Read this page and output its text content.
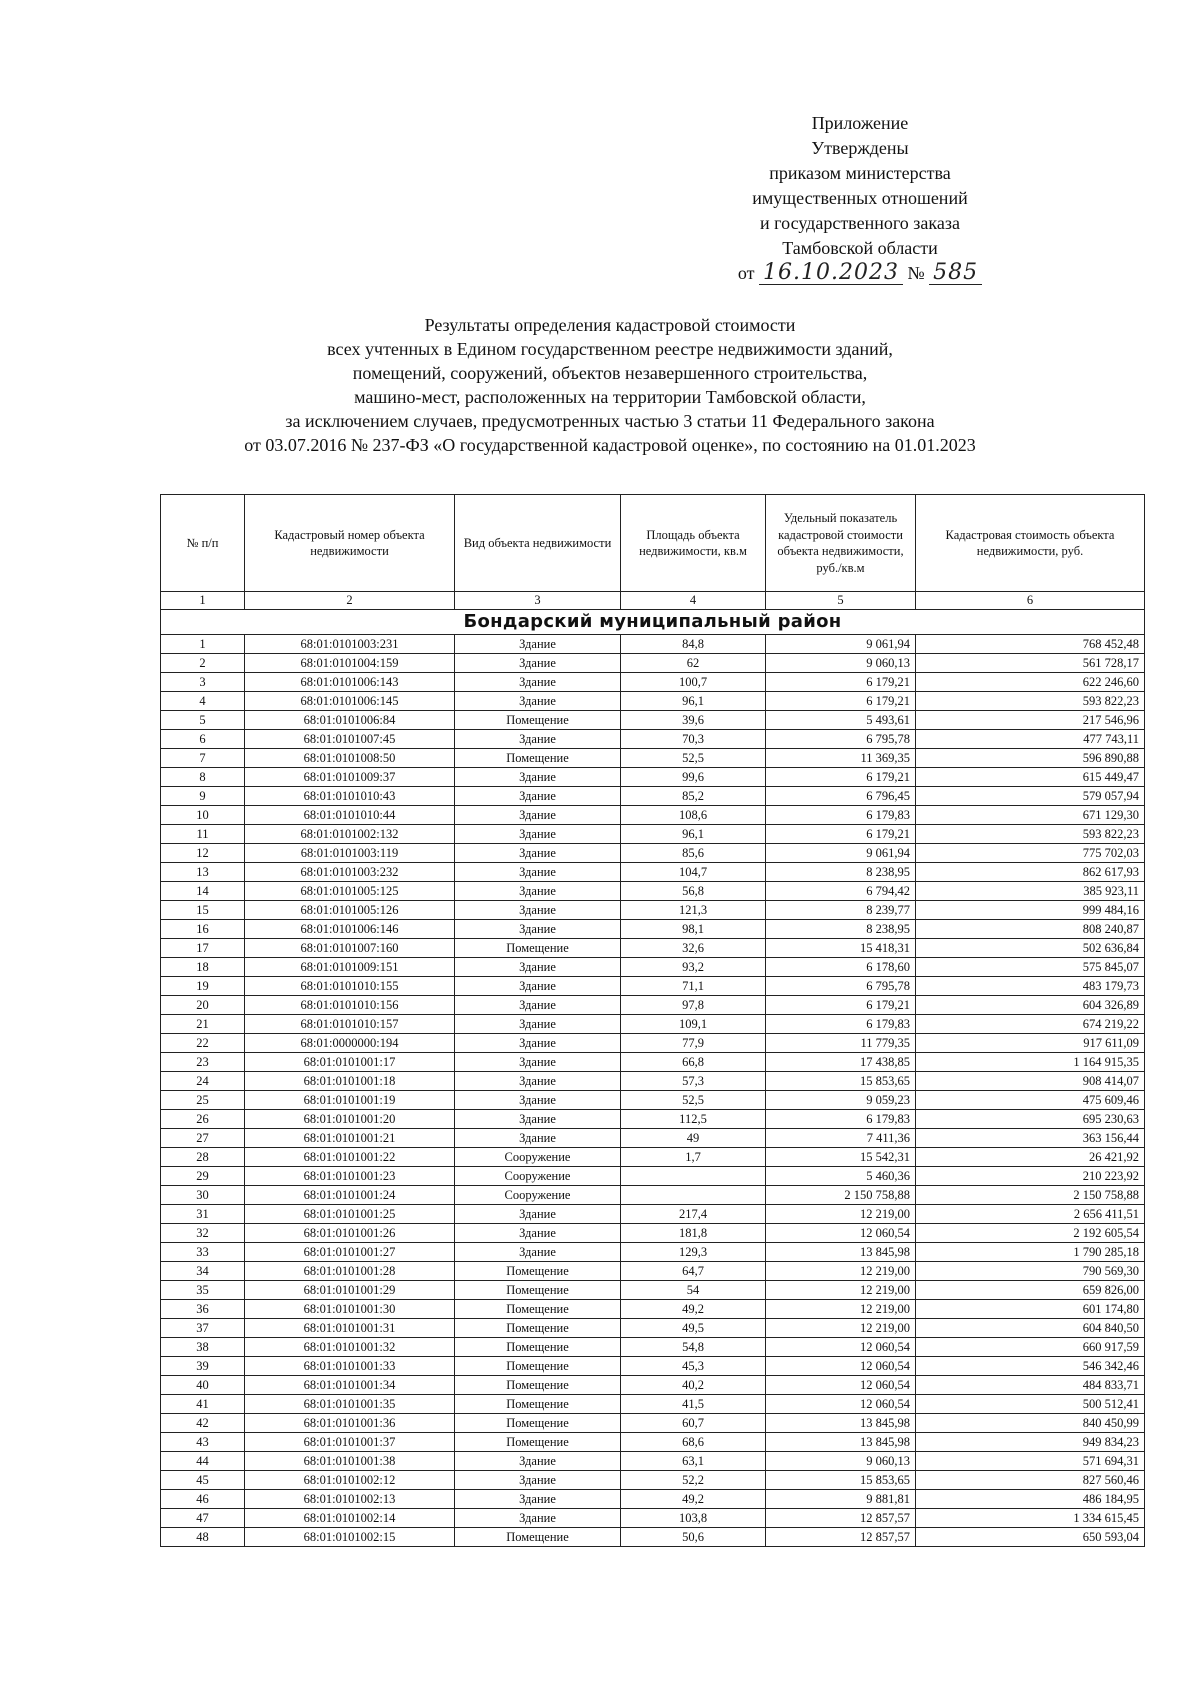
Приложение
Утверждены
приказом министерства
имущественных отношений
и государственного заказа
Тамбовской области
от 16.10.2023 № 585
Результаты определения кадастровой стоимости
всех учтенных в Едином государственном реестре недвижимости зданий,
помещений, сооружений, объектов незавершенного строительства,
машино-мест, расположенных на территории Тамбовской области,
за исключением случаев, предусмотренных частью 3 статьи 11 Федерального закона
от 03.07.2016 № 237-ФЗ «О государственной кадастровой оценке», по состоянию на 01.01.2023
№ п/п	Кадастровый номер объекта недвижимости	Вид объекта недвижимости	Площадь объекта недвижимости, кв.м	Удельный показатель кадастровой стоимости объекта недвижимости, руб./кв.м	Кадастровая стоимость объекта недвижимости, руб.
1	2	3	4	5	6
Бондарский муниципальный район					
1	68:01:0101003:231	Здание	84,8	9 061,94	768 452,48
2	68:01:0101004:159	Здание	62	9 060,13	561 728,17
3	68:01:0101006:143	Здание	100,7	6 179,21	622 246,60
4	68:01:0101006:145	Здание	96,1	6 179,21	593 822,23
5	68:01:0101006:84	Помещение	39,6	5 493,61	217 546,96
6	68:01:0101007:45	Здание	70,3	6 795,78	477 743,11
7	68:01:0101008:50	Помещение	52,5	11 369,35	596 890,88
8	68:01:0101009:37	Здание	99,6	6 179,21	615 449,47
9	68:01:0101010:43	Здание	85,2	6 796,45	579 057,94
10	68:01:0101010:44	Здание	108,6	6 179,83	671 129,30
11	68:01:0101002:132	Здание	96,1	6 179,21	593 822,23
12	68:01:0101003:119	Здание	85,6	9 061,94	775 702,03
13	68:01:0101003:232	Здание	104,7	8 238,95	862 617,93
14	68:01:0101005:125	Здание	56,8	6 794,42	385 923,11
15	68:01:0101005:126	Здание	121,3	8 239,77	999 484,16
16	68:01:0101006:146	Здание	98,1	8 238,95	808 240,87
17	68:01:0101007:160	Помещение	32,6	15 418,31	502 636,84
18	68:01:0101009:151	Здание	93,2	6 178,60	575 845,07
19	68:01:0101010:155	Здание	71,1	6 795,78	483 179,73
20	68:01:0101010:156	Здание	97,8	6 179,21	604 326,89
21	68:01:0101010:157	Здание	109,1	6 179,83	674 219,22
22	68:01:0000000:194	Здание	77,9	11 779,35	917 611,09
23	68:01:0101001:17	Здание	66,8	17 438,85	1 164 915,35
24	68:01:0101001:18	Здание	57,3	15 853,65	908 414,07
25	68:01:0101001:19	Здание	52,5	9 059,23	475 609,46
26	68:01:0101001:20	Здание	112,5	6 179,83	695 230,63
27	68:01:0101001:21	Здание	49	7 411,36	363 156,44
28	68:01:0101001:22	Сооружение	1,7	15 542,31	26 421,92
29	68:01:0101001:23	Сооружение		5 460,36	210 223,92
30	68:01:0101001:24	Сооружение		2 150 758,88	2 150 758,88
31	68:01:0101001:25	Здание	217,4	12 219,00	2 656 411,51
32	68:01:0101001:26	Здание	181,8	12 060,54	2 192 605,54
33	68:01:0101001:27	Здание	129,3	13 845,98	1 790 285,18
34	68:01:0101001:28	Помещение	64,7	12 219,00	790 569,30
35	68:01:0101001:29	Помещение	54	12 219,00	659 826,00
36	68:01:0101001:30	Помещение	49,2	12 219,00	601 174,80
37	68:01:0101001:31	Помещение	49,5	12 219,00	604 840,50
38	68:01:0101001:32	Помещение	54,8	12 060,54	660 917,59
39	68:01:0101001:33	Помещение	45,3	12 060,54	546 342,46
40	68:01:0101001:34	Помещение	40,2	12 060,54	484 833,71
41	68:01:0101001:35	Помещение	41,5	12 060,54	500 512,41
42	68:01:0101001:36	Помещение	60,7	13 845,98	840 450,99
43	68:01:0101001:37	Помещение	68,6	13 845,98	949 834,23
44	68:01:0101001:38	Здание	63,1	9 060,13	571 694,31
45	68:01:0101002:12	Здание	52,2	15 853,65	827 560,46
46	68:01:0101002:13	Здание	49,2	9 881,81	486 184,95
47	68:01:0101002:14	Здание	103,8	12 857,57	1 334 615,45
48	68:01:0101002:15	Помещение	50,6	12 857,57	650 593,04
